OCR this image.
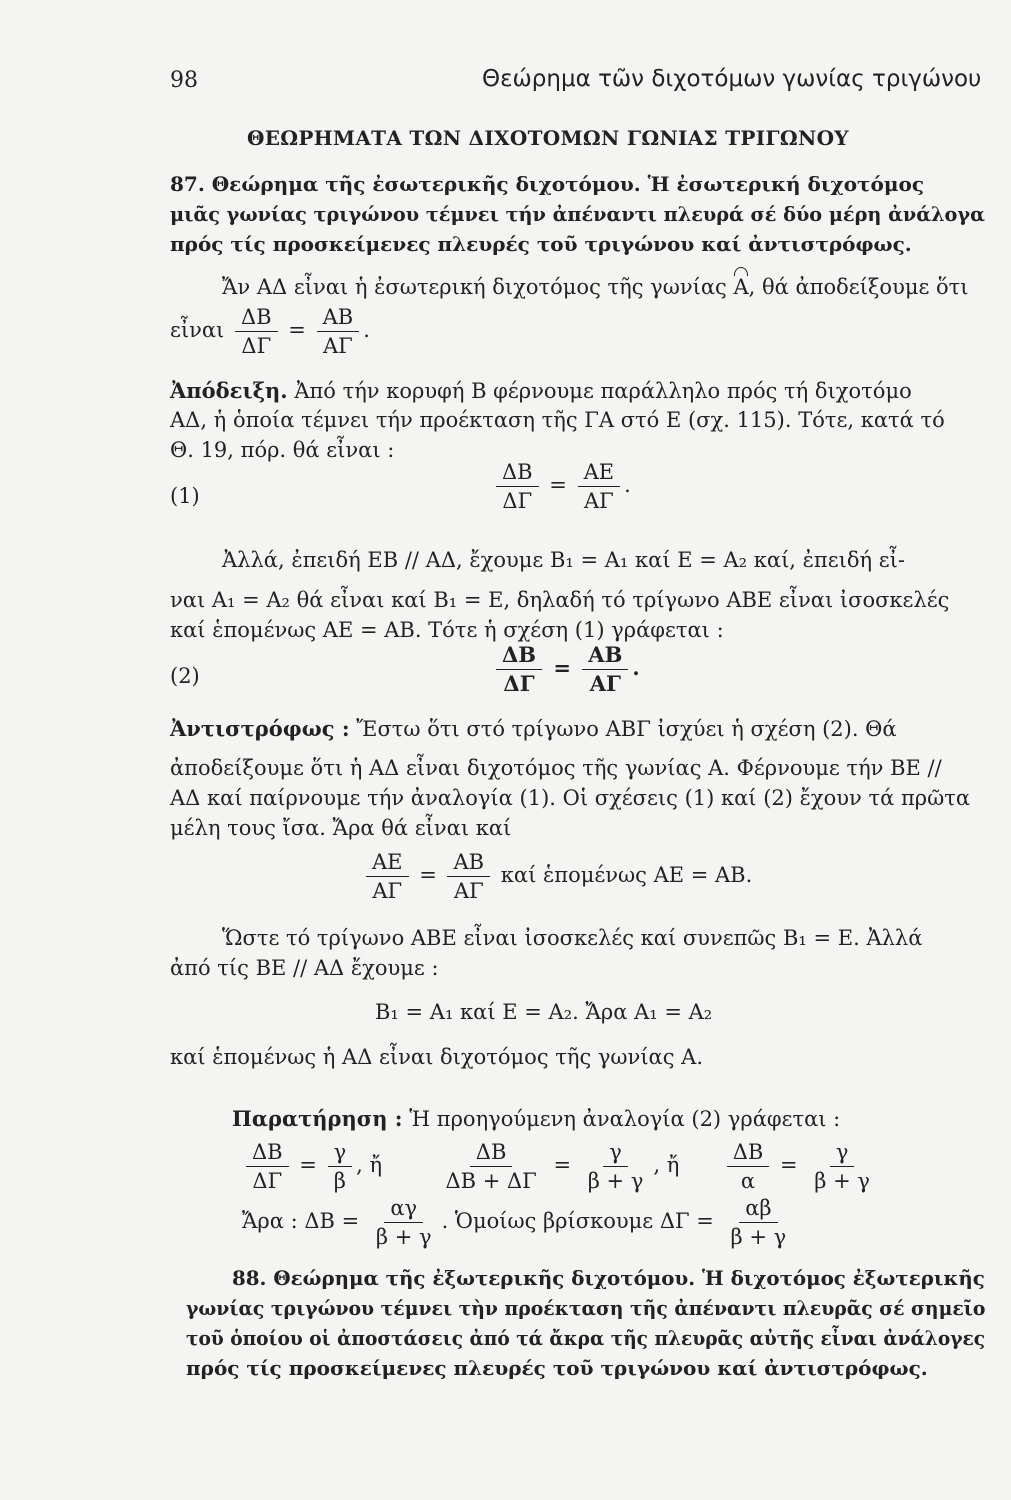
98	Θεώρημα τῶν διχοτόμων γωνίας τριγώνου
ΘΕΩΡΗΜΑΤΑ ΤΩΝ ΔΙΧΟΤΟΜΩΝ ΓΩΝΙΑΣ ΤΡΙΓΩΝΟΥ
87. Θεώρημα τῆς ἐσωτερικῆς διχοτόμου. Ἡ ἐσωτερική διχοτόμος
μιᾶς γωνίας τριγώνου τέμνει τήν ἀπέναντι πλευρά σέ δύο μέρη ἀνάλογα
πρός τίς προσκείμενες πλευρές τοῦ τριγώνου καί ἀντιστρόφως.
Ἄν ΑΔ εἶναι ἡ ἐσωτερική διχοτόμος τῆς γωνίας Α, θά ἀποδείξουμε ὅτι
εἶναι $\frac{\Delta B}{\Delta\Gamma} = \frac{AB}{A\Gamma}$ .
Ἀπόδειξη. Ἀπό τήν κορυφή Β φέρνουμε παράλληλο πρός τή διχοτόμο
ΑΔ, ἡ ὁποία τέμνει τήν προέκταση τῆς ΓΑ στό Ε (σχ. 115). Τότε, κατά τό
Θ. 19, πόρ. θά εἶναι :
(1)	$\frac{\Delta B}{\Delta\Gamma} = \frac{AE}{A\Gamma}$ .
Ἀλλά, ἐπειδή ΕΒ // ΑΔ, ἔχουμε Β₁ = Α₁ καί Ε = Α₂ καί, ἐπειδή εἶ-
ναι Α₁ = Α₂ θά εἶναι καί Β₁ = Ε, δηλαδή τό τρίγωνο ΑΒΕ εἶναι ἰσοσκελές
καί ἑπομένως ΑΕ = ΑΒ. Τότε ἡ σχέση (1) γράφεται :
(2)	$\frac{\Delta B}{\Delta\Gamma} = \frac{AB}{A\Gamma}$ .
Ἀντιστρόφως : Ἔστω ὅτι στό τρίγωνο ΑΒΓ ἰσχύει ἡ σχέση (2). Θά
ἀποδείξουμε ὅτι ἡ ΑΔ εἶναι διχοτόμος τῆς γωνίας Α. Φέρνουμε τήν ΒΕ //
ΑΔ καί παίρνουμε τήν ἀναλογία (1). Οἱ σχέσεις (1) καί (2) ἔχουν τά πρῶτα
μέλη τους ἴσα. Ἄρα θά εἶναι καί
$\frac{AE}{A\Gamma} = \frac{AB}{A\Gamma}$ καί ἑπομένως ΑΕ = ΑΒ.
Ὥστε τό τρίγωνο ΑΒΕ εἶναι ἰσοσκελές καί συνεπῶς Β₁ = Ε. Ἀλλά
ἀπό τίς ΒΕ // ΑΔ ἔχουμε :
Β₁ = Α₁ καί Ε = Α₂. Ἄρα Α₁ = Α₂
καί ἑπομένως ἡ ΑΔ εἶναι διχοτόμος τῆς γωνίας Α.
Παρατήρηση : Ἡ προηγούμενη ἀναλογία (2) γράφεται :
$\frac{\Delta B}{\Delta\Gamma} = \frac{\gamma}{\beta}$ , ἤ	$\frac{\Delta B}{\Delta B + \Delta\Gamma} = \frac{\gamma}{\beta + \gamma}$ , ἤ $\frac{\Delta B}{\alpha} = \frac{\gamma}{\beta + \gamma}$
Ἄρα : $\Delta B = \frac{\alpha\gamma}{\beta + \gamma}$ . Ὁμοίως βρίσκουμε $\Delta\Gamma = \frac{\alpha\beta}{\beta + \gamma}$
88. Θεώρημα τῆς ἐξωτερικῆς διχοτόμου. Ἡ διχοτόμος ἐξωτερικῆς
γωνίας τριγώνου τέμνει τὴν προέκταση τῆς ἀπέναντι πλευρᾶς σέ σημεῖο
τοῦ ὁποίου οἱ ἀποστάσεις ἀπό τά ἄκρα τῆς πλευρᾶς αὐτῆς εἶναι ἀνάλογες
πρός τίς προσκείμενες πλευρές τοῦ τριγώνου καί ἀντιστρόφως.
